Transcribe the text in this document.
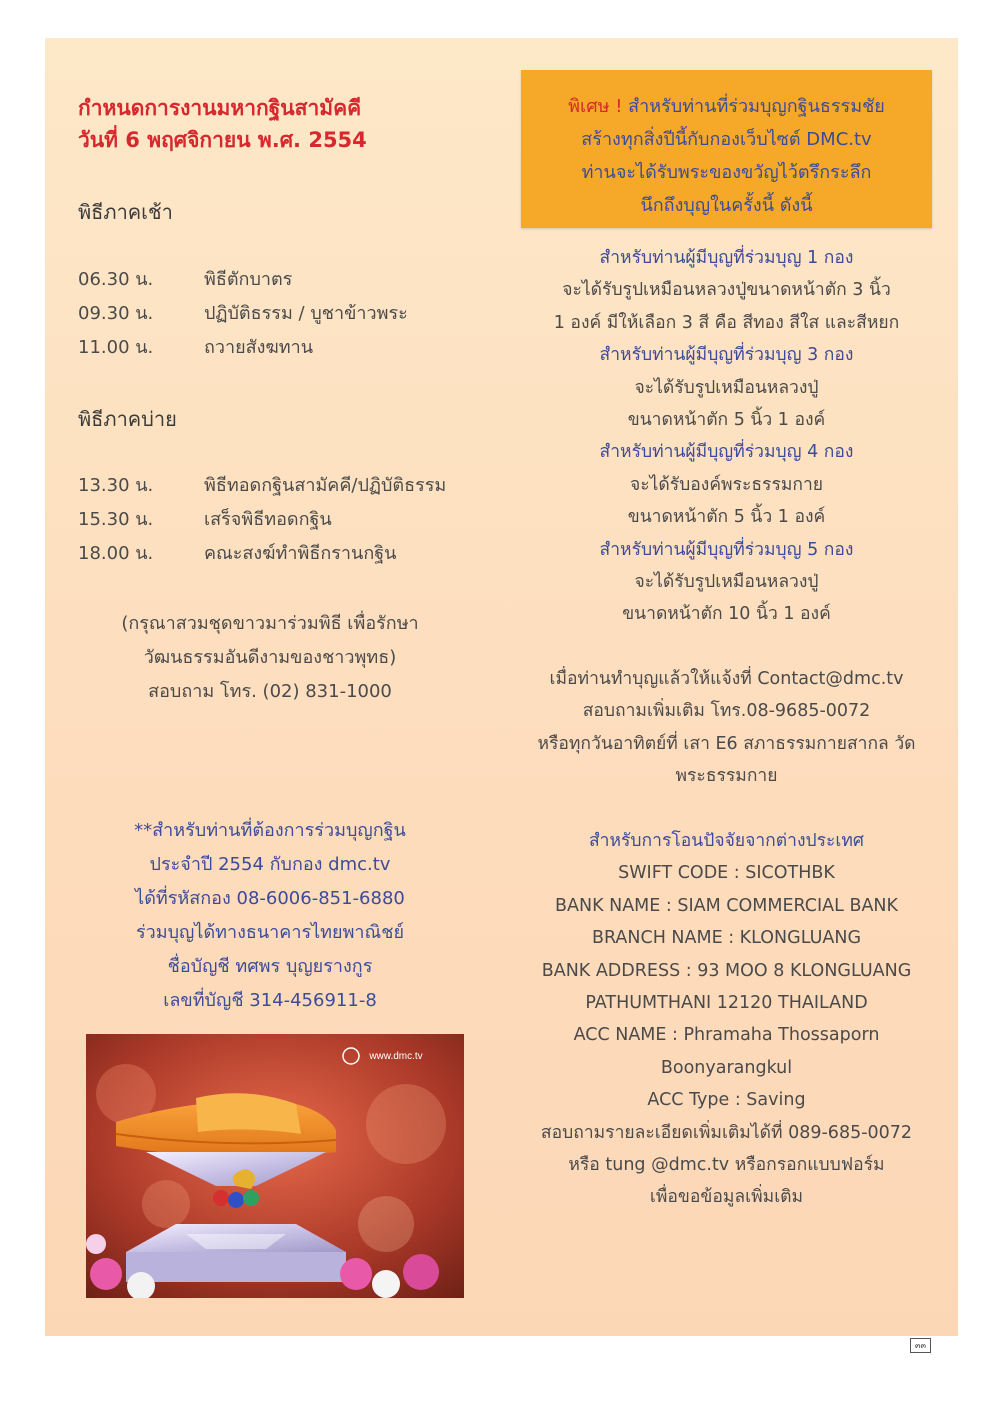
กำหนดการงานมหากฐินสามัคคี
วันที่ 6 พฤศจิกายน พ.ศ. 2554
พิธีภาคเช้า
06.30 น.	พิธีตักบาตร
09.30 น.	ปฏิบัติธรรม / บูชาข้าวพระ
11.00 น.	ถวายสังฆทาน
พิธีภาคบ่าย
13.30 น.	พิธีทอดกฐินสามัคคี/ปฏิบัติธรรม
15.30 น.	เสร็จพิธีทอดกฐิน
18.00 น.	คณะสงฆ์ทำพิธีกรานกฐิน
(กรุณาสวมชุดขาวมาร่วมพิธี เพื่อรักษา
วัฒนธรรมอันดีงามของชาวพุทธ)
สอบถาม โทร. (02) 831-1000
**สำหรับท่านที่ต้องการร่วมบุญกฐิน
ประจำปี 2554 กับกอง dmc.tv
ได้ที่รหัสกอง 08-6006-851-6880
ร่วมบุญได้ทางธนาคารไทยพาณิชย์
ชื่อบัญชี ทศพร บุญยรางกูร
เลขที่บัญชี 314-456911-8
www.dmc.tv
พิเศษ ! สำหรับท่านที่ร่วมบุญกฐินธรรมชัย
สร้างทุกสิ่งปีนี้กับกองเว็บไซต์ DMC.tv
ท่านจะได้รับพระของขวัญไว้ตรึกระลึก
นึกถึงบุญในครั้งนี้ ดังนี้
สำหรับท่านผู้มีบุญที่ร่วมบุญ 1 กอง
จะได้รับรูปเหมือนหลวงปู่ขนาดหน้าตัก 3 นิ้ว
1 องค์ มีให้เลือก 3 สี คือ สีทอง สีใส และสีหยก
สำหรับท่านผู้มีบุญที่ร่วมบุญ 3 กอง
จะได้รับรูปเหมือนหลวงปู่
ขนาดหน้าตัก 5 นิ้ว 1 องค์
สำหรับท่านผู้มีบุญที่ร่วมบุญ 4 กอง
จะได้รับองค์พระธรรมกาย
ขนาดหน้าตัก 5 นิ้ว 1 องค์
สำหรับท่านผู้มีบุญที่ร่วมบุญ 5 กอง
จะได้รับรูปเหมือนหลวงปู่
ขนาดหน้าตัก 10 นิ้ว 1 องค์
เมื่อท่านทำบุญแล้วให้แจ้งที่ Contact@dmc.tv
สอบถามเพิ่มเติม โทร.08-9685-0072
หรือทุกวันอาทิตย์ที่ เสา E6 สภาธรรมกายสากล วัด
พระธรรมกาย
สำหรับการโอนปัจจัยจากต่างประเทศ
SWIFT CODE : SICOTHBK
BANK NAME : SIAM COMMERCIAL BANK
BRANCH NAME : KLONGLUANG
BANK ADDRESS : 93 MOO 8 KLONGLUANG
PATHUMTHANI 12120 THAILAND
ACC NAME : Phramaha Thossaporn
Boonyarangkul
ACC Type : Saving
สอบถามรายละเอียดเพิ่มเติมได้ที่ 089-685-0072
หรือ tung @dmc.tv หรือกรอกแบบฟอร์ม
เพื่อขอข้อมูลเพิ่มเติม
๓๓
